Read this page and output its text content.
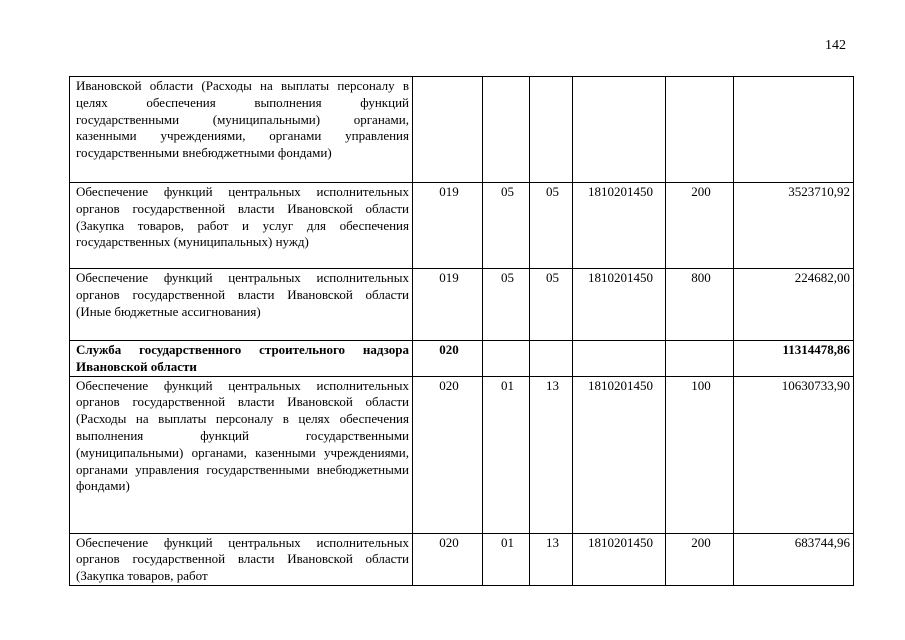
142
Ивановской области (Расходы на выплаты персоналу в целях обеспечения выполнения функций государственными (муниципальными) органами, казенными учреждениями, органами управления государственными внебюджетными фондами)						
Обеспечение функций центральных исполнительных органов государственной власти Ивановской области (Закупка товаров, работ и услуг для обеспечения государственных (муниципальных) нужд)	019	05	05	1810201450	200	3523710,92
Обеспечение функций центральных исполнительных органов государственной власти Ивановской области (Иные бюджетные ассигнования)	019	05	05	1810201450	800	224682,00
Служба государственного строительного надзора Ивановской области	020					11314478,86
Обеспечение функций центральных исполнительных органов государственной власти Ивановской области (Расходы на выплаты персоналу в целях обеспечения выполнения функций государственными (муниципальными) органами, казенными учреждениями, органами управления государственными внебюджетными фондами)	020	01	13	1810201450	100	10630733,90
Обеспечение функций центральных исполнительных органов государственной власти Ивановской области (Закупка товаров, работ	020	01	13	1810201450	200	683744,96
